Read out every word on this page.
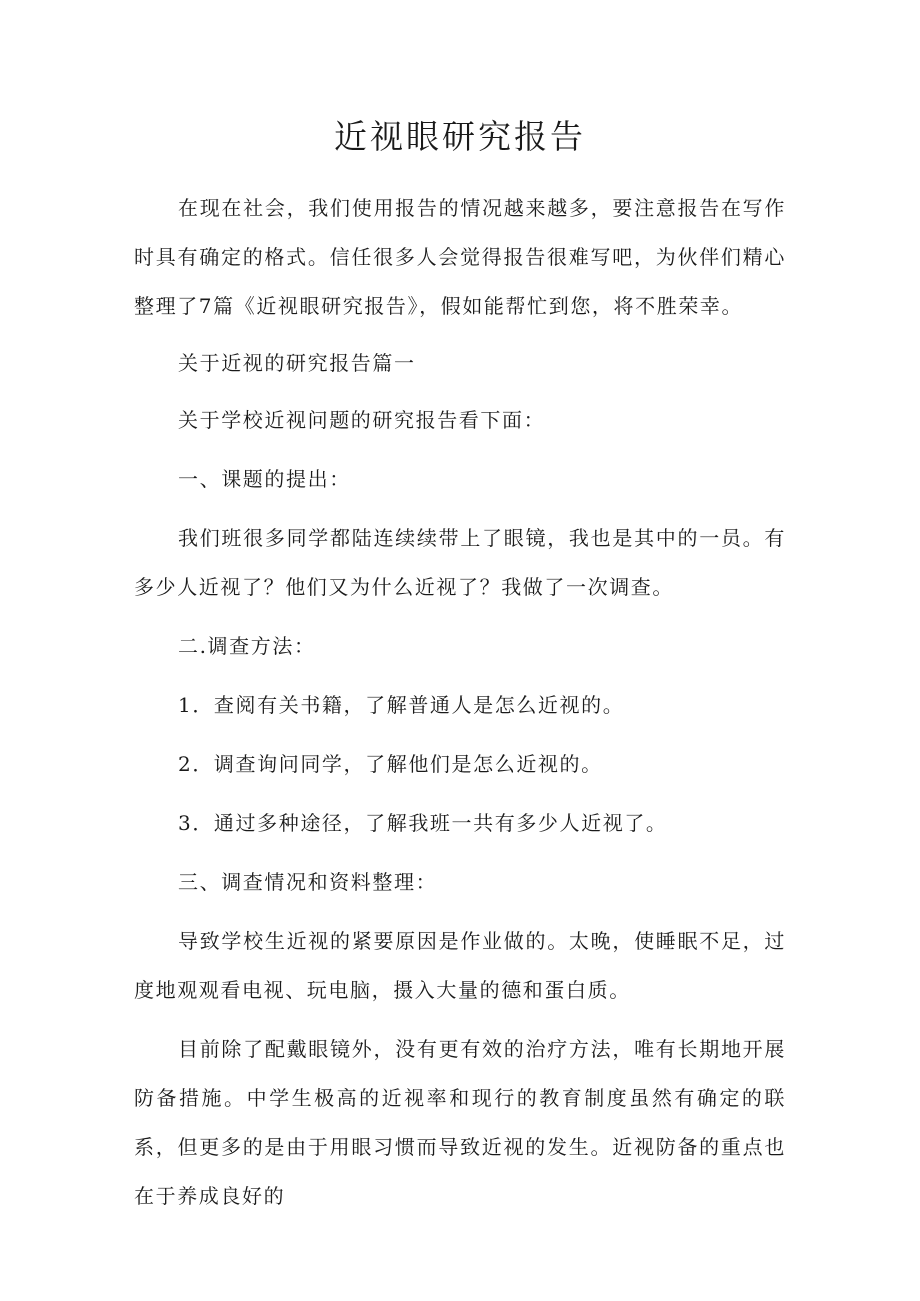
近视眼研究报告

在现在社会，我们使用报告的情况越来越多，要注意报告在写作时具有确定的格式。信任很多人会觉得报告很难写吧，为伙伴们精心整理了7篇《近视眼研究报告》，假如能帮忙到您，将不胜荣幸。

关于近视的研究报告篇一

关于学校近视问题的研究报告看下面：

一、课题的提出：

我们班很多同学都陆连续续带上了眼镜，我也是其中的一员。有多少人近视了？他们又为什么近视了？我做了一次调查。

二.调查方法：

1．查阅有关书籍，了解普通人是怎么近视的。

2．调查询问同学，了解他们是怎么近视的。

3．通过多种途径，了解我班一共有多少人近视了。

三、调查情况和资料整理：

导致学校生近视的紧要原因是作业做的。太晚，使睡眠不足，过度地观观看电视、玩电脑，摄入大量的德和蛋白质。

目前除了配戴眼镜外，没有更有效的治疗方法，唯有长期地开展防备措施。中学生极高的近视率和现行的教育制度虽然有确定的联系，但更多的是由于用眼习惯而导致近视的发生。近视防备的重点也在于养成良好的
